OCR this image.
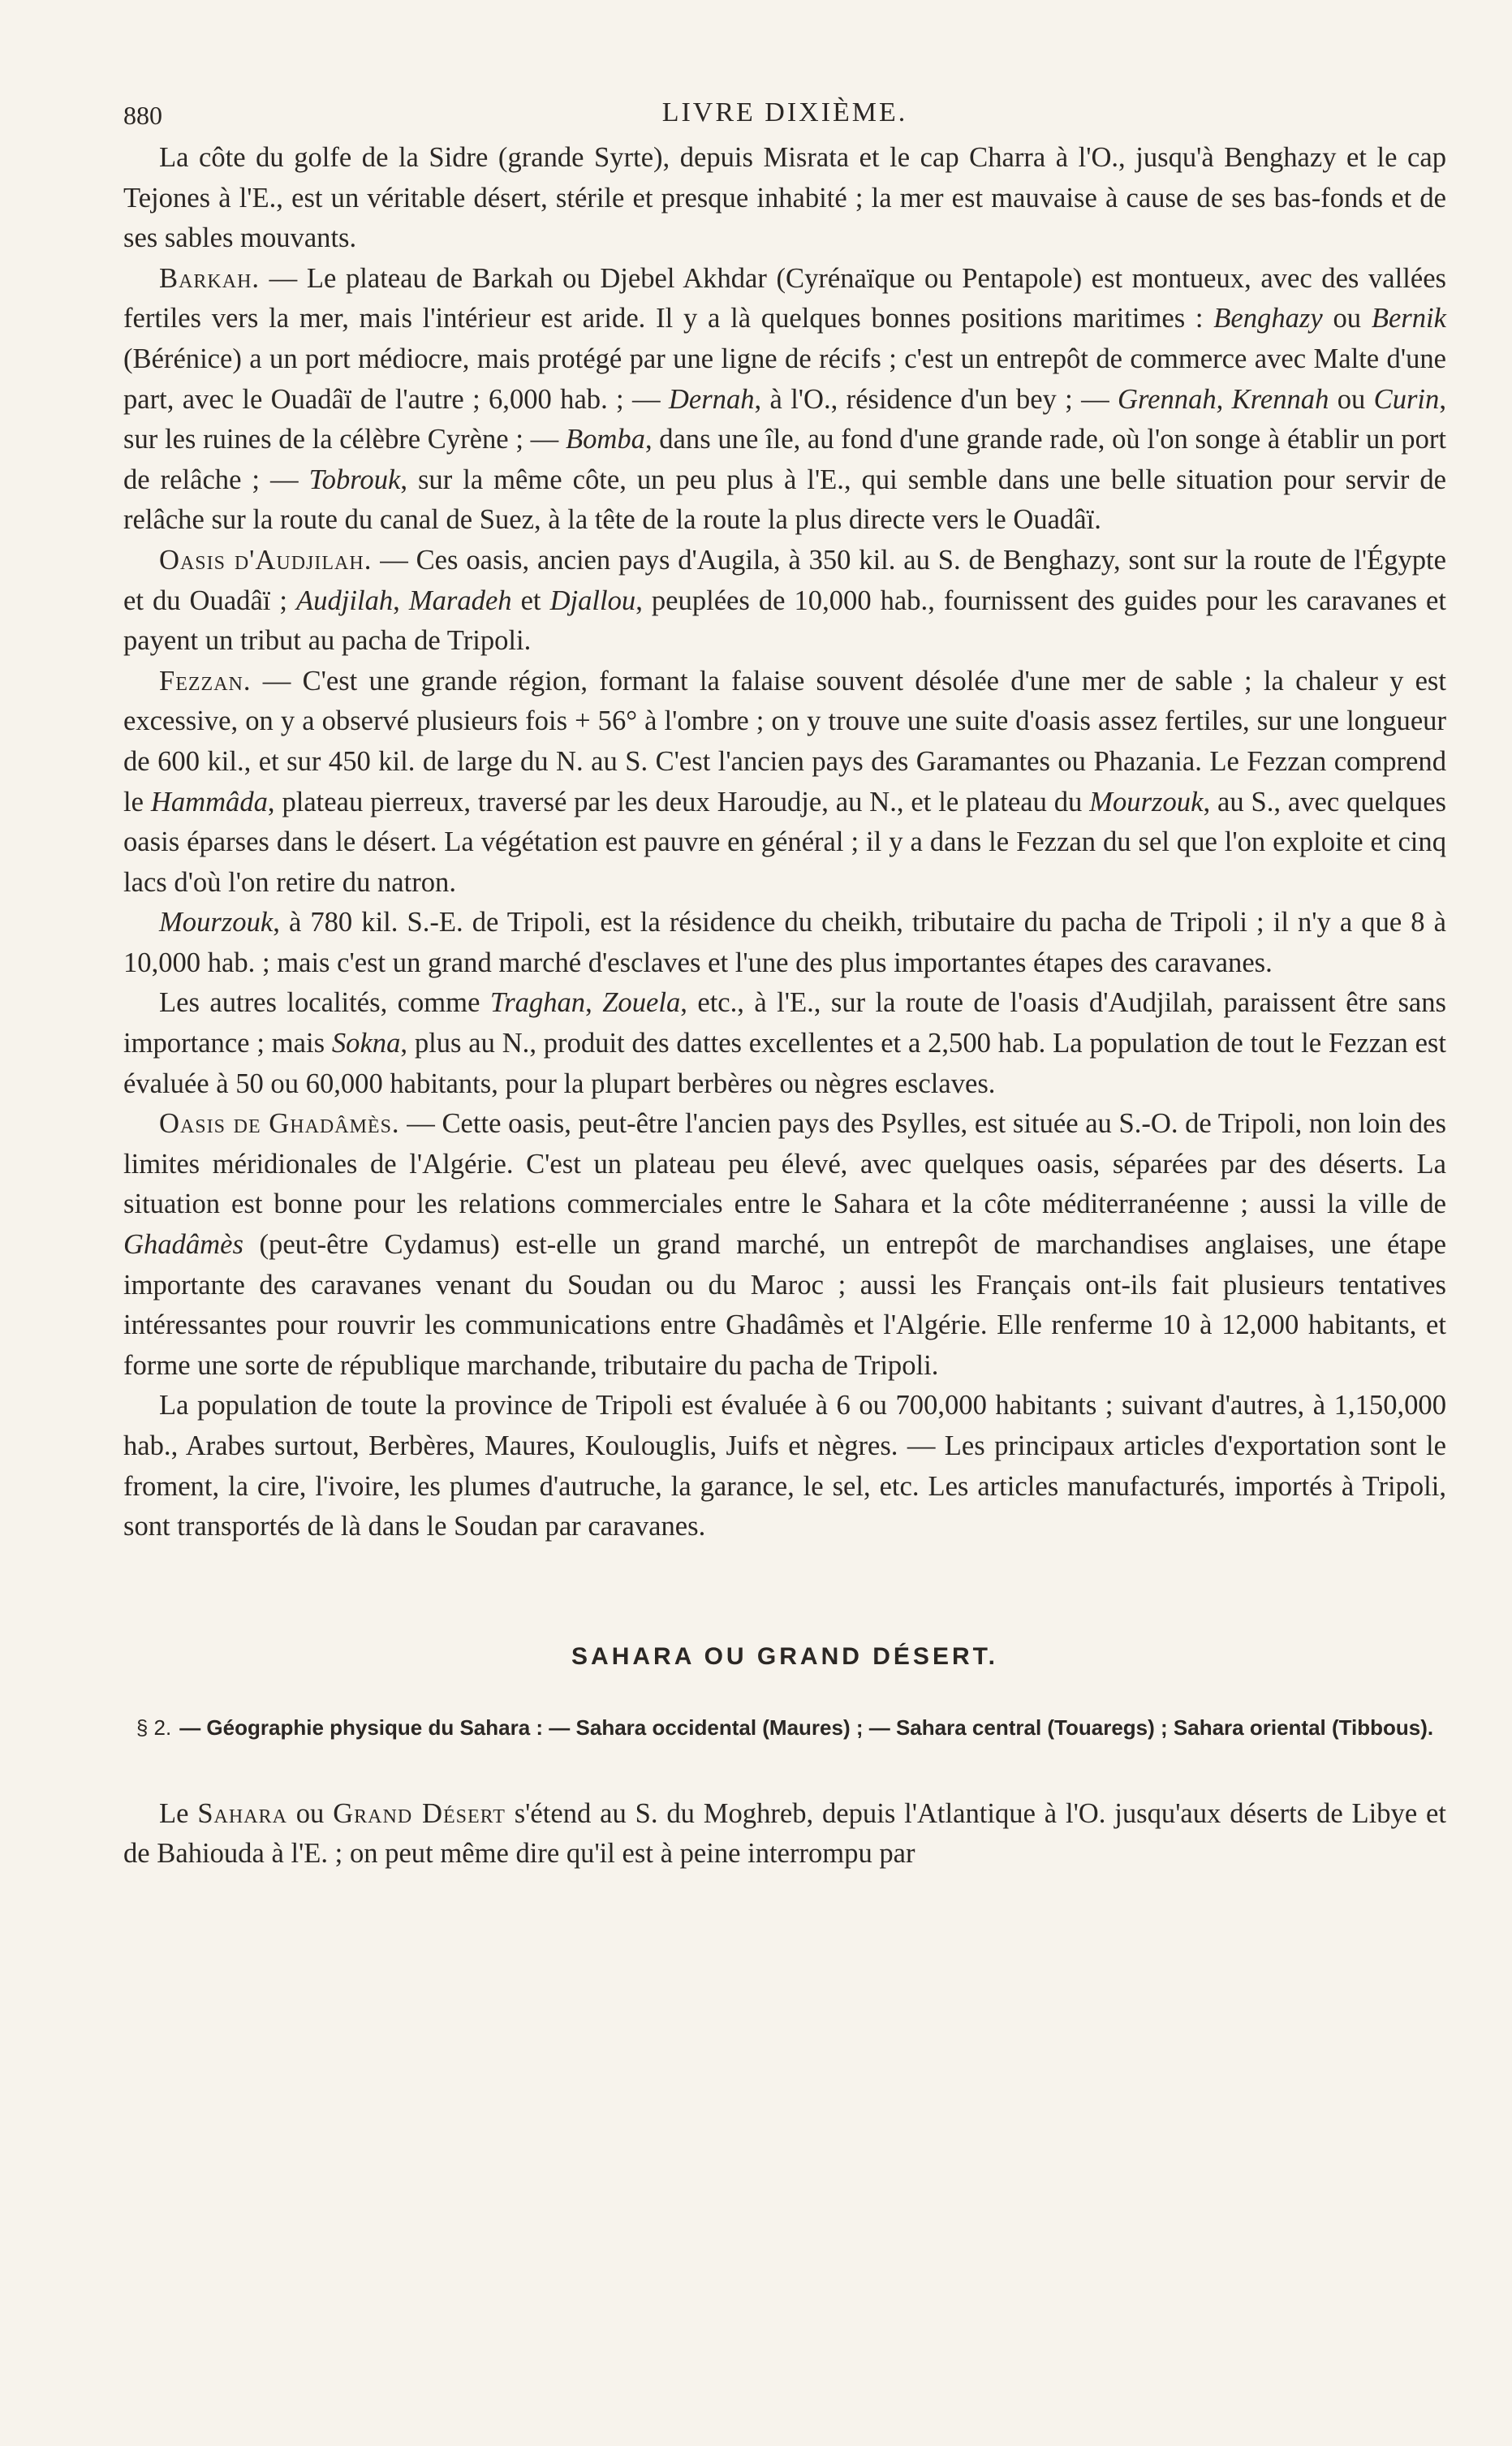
880	LIVRE DIXIÈME.

La côte du golfe de la Sidre (grande Syrte), depuis Misrata et le cap Charra à l'O., jusqu'à Benghazy et le cap Tejones à l'E., est un véritable désert, stérile et presque inhabité ; la mer est mauvaise à cause de ses bas-fonds et de ses sables mouvants.

Barkah. — Le plateau de Barkah ou Djebel Akhdar (Cyrénaïque ou Pentapole) est montueux, avec des vallées fertiles vers la mer, mais l'intérieur est aride. Il y a là quelques bonnes positions maritimes : Benghazy ou Bernik (Bérénice) a un port médiocre, mais protégé par une ligne de récifs ; c'est un entrepôt de commerce avec Malte d'une part, avec le Ouadâï de l'autre ; 6,000 hab. ; — Dernah, à l'O., résidence d'un bey ; — Grennah, Krennah ou Curin, sur les ruines de la célèbre Cyrène ; — Bomba, dans une île, au fond d'une grande rade, où l'on songe à établir un port de relâche ; — Tobrouk, sur la même côte, un peu plus à l'E., qui semble dans une belle situation pour servir de relâche sur la route du canal de Suez, à la tête de la route la plus directe vers le Ouadâï.

Oasis d'Audjilah. — Ces oasis, ancien pays d'Augila, à 350 kil. au S. de Benghazy, sont sur la route de l'Égypte et du Ouadâï ; Audjilah, Maradeh et Djallou, peuplées de 10,000 hab., fournissent des guides pour les caravanes et payent un tribut au pacha de Tripoli.

Fezzan. — C'est une grande région, formant la falaise souvent désolée d'une mer de sable ; la chaleur y est excessive, on y a observé plusieurs fois + 56° à l'ombre ; on y trouve une suite d'oasis assez fertiles, sur une longueur de 600 kil., et sur 450 kil. de large du N. au S. C'est l'ancien pays des Garamantes ou Phazania. Le Fezzan comprend le Hammâda, plateau pierreux, traversé par les deux Haroudje, au N., et le plateau du Mourzouk, au S., avec quelques oasis éparses dans le désert. La végétation est pauvre en général ; il y a dans le Fezzan du sel que l'on exploite et cinq lacs d'où l'on retire du natron.

Mourzouk, à 780 kil. S.-E. de Tripoli, est la résidence du cheikh, tributaire du pacha de Tripoli ; il n'y a que 8 à 10,000 hab. ; mais c'est un grand marché d'esclaves et l'une des plus importantes étapes des caravanes.

Les autres localités, comme Traghan, Zouela, etc., à l'E., sur la route de l'oasis d'Audjilah, paraissent être sans importance ; mais Sokna, plus au N., produit des dattes excellentes et a 2,500 hab. La population de tout le Fezzan est évaluée à 50 ou 60,000 habitants, pour la plupart berbères ou nègres esclaves.

Oasis de Ghadâmès. — Cette oasis, peut-être l'ancien pays des Psylles, est située au S.-O. de Tripoli, non loin des limites méridionales de l'Algérie. C'est un plateau peu élevé, avec quelques oasis, séparées par des déserts. La situation est bonne pour les relations commerciales entre le Sahara et la côte méditerranéenne ; aussi la ville de Ghadâmès (peut-être Cydamus) est-elle un grand marché, un entrepôt de marchandises anglaises, une étape importante des caravanes venant du Soudan ou du Maroc ; aussi les Français ont-ils fait plusieurs tentatives intéressantes pour rouvrir les communications entre Ghadâmès et l'Algérie. Elle renferme 10 à 12,000 habitants, et forme une sorte de république marchande, tributaire du pacha de Tripoli.

La population de toute la province de Tripoli est évaluée à 6 ou 700,000 habitants ; suivant d'autres, à 1,150,000 hab., Arabes surtout, Berbères, Maures, Koulouglis, Juifs et nègres. — Les principaux articles d'exportation sont le froment, la cire, l'ivoire, les plumes d'autruche, la garance, le sel, etc. Les articles manufacturés, importés à Tripoli, sont transportés de là dans le Soudan par caravanes.

SAHARA OU GRAND DÉSERT.
§ 2. — Géographie physique du Sahara : — Sahara occidental (Maures) ; — Sahara central (Touaregs) ; Sahara oriental (Tibbous).

Le Sahara ou Grand Désert s'étend au S. du Moghreb, depuis l'Atlantique à l'O. jusqu'aux déserts de Libye et de Bahiouda à l'E. ; on peut même dire qu'il est à peine interrompu par
